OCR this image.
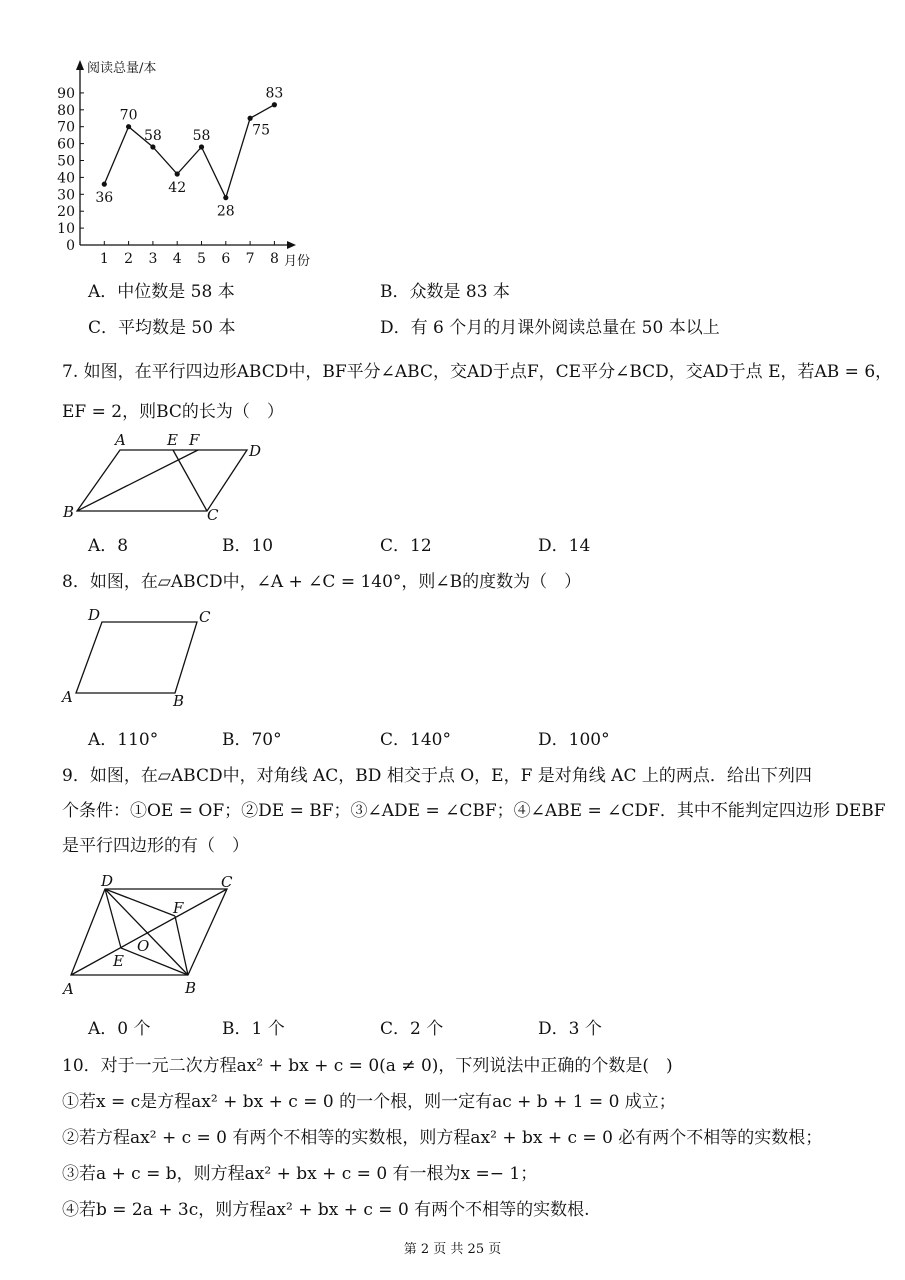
阅读总量/本
月份
0
10
20
30
40
50
60
70
80
90
1 2 3 4 5 6 7 8
36
70
58
42
58
28
75
83
A．中位数是 58 本	B．众数是 83 本
C．平均数是 50 本	D．有 6 个月的月课外阅读总量在 50 本以上
7. 如图，在平行四边形ABCD中，BF平分∠ABC，交AD于点F，CE平分∠BCD，交AD于点 E，若AB = 6，
EF = 2，则BC的长为（　）
A	E F
D
B	C
A．8	B．10	C．12	D．14
8．如图，在▱ABCD中，∠A + ∠C = 140°，则∠B的度数为（　）
D	C
A	B
A．110°	B．70°	C．140°	D．100°
9．如图，在▱ABCD中，对角线 AC，BD 相交于点 O，E，F 是对角线 AC 上的两点．给出下列四
个条件：①OE = OF；②DE = BF；③∠ADE = ∠CBF；④∠ABE = ∠CDF．其中不能判定四边形 DEBF
是平行四边形的有（　）
D	C
F
O
E
A	B
A．0 个	B．1 个	C．2 个	D．3 个
10．对于一元二次方程ax² + bx + c = 0(a ≠ 0)，下列说法中正确的个数是(　)
①若x = c是方程ax² + bx + c = 0 的一个根，则一定有ac + b + 1 = 0 成立；
②若方程ax² + c = 0 有两个不相等的实数根，则方程ax² + bx + c = 0 必有两个不相等的实数根；
③若a + c = b，则方程ax² + bx + c = 0 有一根为x =− 1；
④若b = 2a + 3c，则方程ax² + bx + c = 0 有两个不相等的实数根.
第 2 页 共 25 页
